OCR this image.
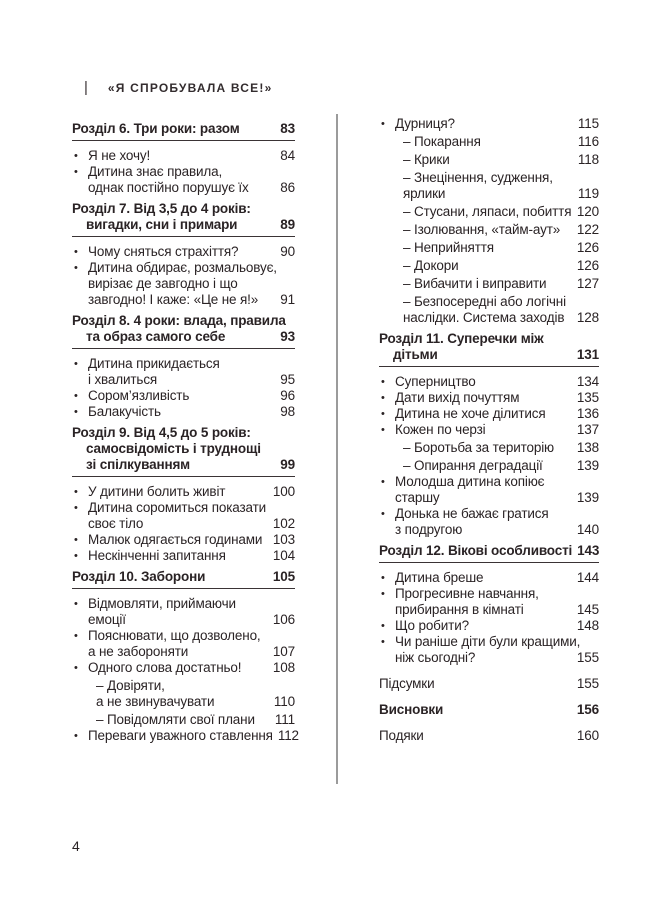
| «Я СПРОБУВАЛА ВСЕ!»
Розділ 6. Три роки: разом	83
• Я не хочу!	84
• Дитина знає правила,
однак постійно порушує їх	86
Розділ 7. Від 3,5 до 4 років:
вигадки, сни і примари	89
• Чому сняться страхіття?	90
• Дитина обдирає, розмальовує,
вирізає де завгодно і що
завгодно! І каже: «Це не я!»	91
Розділ 8. 4 роки: влада, правила
та образ самого себе	93
• Дитина прикидається
і хвалиться	95
• Сором’язливість	96
• Балакучість	98
Розділ 9. Від 4,5 до 5 років:
самосвідомість і труднощі
зі спілкуванням	99
• У дитини болить живіт	100
• Дитина соромиться показати
своє тіло	102
• Малюк одягається годинами 103
• Нескінченні запитання	104
Розділ 10. Заборони	105
• Відмовляти, приймаючи
емоції	106
• Пояснювати, що дозволено,
а не забороняти	107
• Одного слова достатньо!	108
– Довіряти,
а не звинувачувати	110
– Повідомляти свої плани	111
• Переваги уважного ставлення 112
• Дурниця?	115
– Покарання	116
– Крики	118
– Знецінення, судження,
ярлики	119
– Стусани, ляпаси, побиття 120
– Ізолювання, «тайм-аут»	122
– Неприйняття	126
– Докори	126
– Вибачити і виправити	127
– Безпосередні або логічні
наслідки. Система заходів 128
Розділ 11. Суперечки між
дітьми	131
• Суперництво	134
• Дати вихід почуттям	135
• Дитина не хоче ділитися	136
• Кожен по черзі	137
– Боротьба за територію	138
– Опирання деградації	139
• Молодша дитина копіює
старшу	139
• Донька не бажає гратися
з подругою	140
Розділ 12. Вікові особливості 143
• Дитина бреше	144
• Прогресивне навчання,
прибирання в кімнаті	145
• Що робити?	148
• Чи раніше діти були кращими,
ніж сьогодні?	155
Підсумки	155
Висновки	156
Подяки	160
4
